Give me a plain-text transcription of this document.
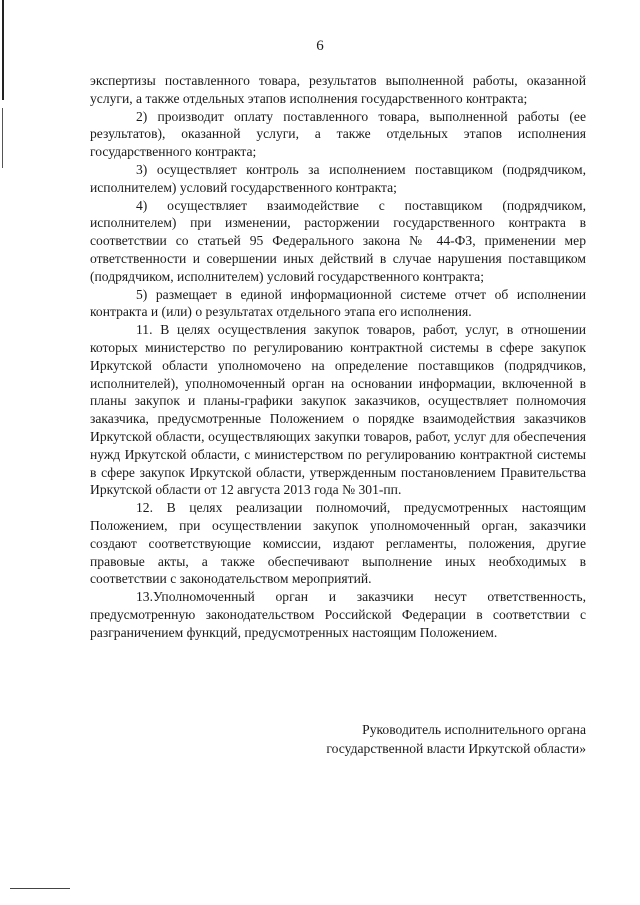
6

экспертизы поставленного товара, результатов выполненной работы, оказанной услуги, а также отдельных этапов исполнения государственного контракта;

2) производит оплату поставленного товара, выполненной работы (ее результатов), оказанной услуги, а также отдельных этапов исполнения государственного контракта;

3) осуществляет контроль за исполнением поставщиком (подрядчиком, исполнителем) условий государственного контракта;

4) осуществляет взаимодействие с поставщиком (подрядчиком, исполнителем) при изменении, расторжении государственного контракта в соответствии со статьей 95 Федерального закона № 44-ФЗ, применении мер ответственности и совершении иных действий в случае нарушения поставщиком (подрядчиком, исполнителем) условий государственного контракта;

5) размещает в единой информационной системе отчет об исполнении контракта и (или) о результатах отдельного этапа его исполнения.

11. В целях осуществления закупок товаров, работ, услуг, в отношении которых министерство по регулированию контрактной системы в сфере закупок Иркутской области уполномочено на определение поставщиков (подрядчиков, исполнителей), уполномоченный орган на основании информации, включенной в планы закупок и планы-графики закупок заказчиков, осуществляет полномочия заказчика, предусмотренные Положением о порядке взаимодействия заказчиков Иркутской области, осуществляющих закупки товаров, работ, услуг для обеспечения нужд Иркутской области, с министерством по регулированию контрактной системы в сфере закупок Иркутской области, утвержденным постановлением Правительства Иркутской области от 12 августа 2013 года № 301-пп.

12. В целях реализации полномочий, предусмотренных настоящим Положением, при осуществлении закупок уполномоченный орган, заказчики создают соответствующие комиссии, издают регламенты, положения, другие правовые акты, а также обеспечивают выполнение иных необходимых в соответствии с законодательством мероприятий.

13.Уполномоченный орган и заказчики несут ответственность, предусмотренную законодательством Российской Федерации в соответствии с разграничением функций, предусмотренных настоящим Положением.

Руководитель исполнительного органа
государственной власти Иркутской области»
